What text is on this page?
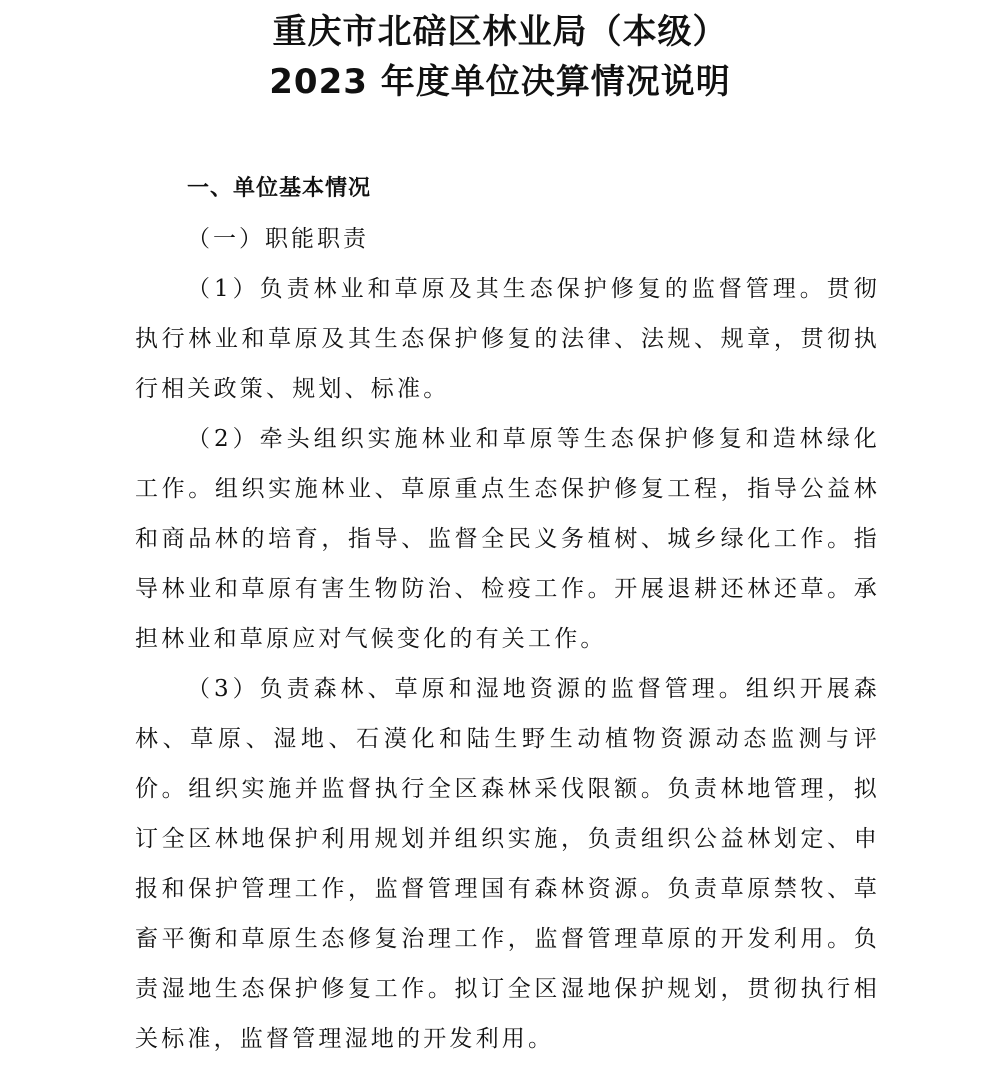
重庆市北碚区林业局（本级）
2023 年度单位决算情况说明
一、单位基本情况
（一）职能职责

（1）负责林业和草原及其生态保护修复的监督管理。贯彻执行林业和草原及其生态保护修复的法律、法规、规章，贯彻执行相关政策、规划、标准。

（2）牵头组织实施林业和草原等生态保护修复和造林绿化工作。组织实施林业、草原重点生态保护修复工程，指导公益林和商品林的培育，指导、监督全民义务植树、城乡绿化工作。指导林业和草原有害生物防治、检疫工作。开展退耕还林还草。承担林业和草原应对气候变化的有关工作。

（3）负责森林、草原和湿地资源的监督管理。组织开展森林、草原、湿地、石漠化和陆生野生动植物资源动态监测与评价。组织实施并监督执行全区森林采伐限额。负责林地管理，拟订全区林地保护利用规划并组织实施，负责组织公益林划定、申报和保护管理工作，监督管理国有森林资源。负责草原禁牧、草畜平衡和草原生态修复治理工作，监督管理草原的开发利用。负责湿地生态保护修复工作。拟订全区湿地保护规划，贯彻执行相关标准，监督管理湿地的开发利用。
